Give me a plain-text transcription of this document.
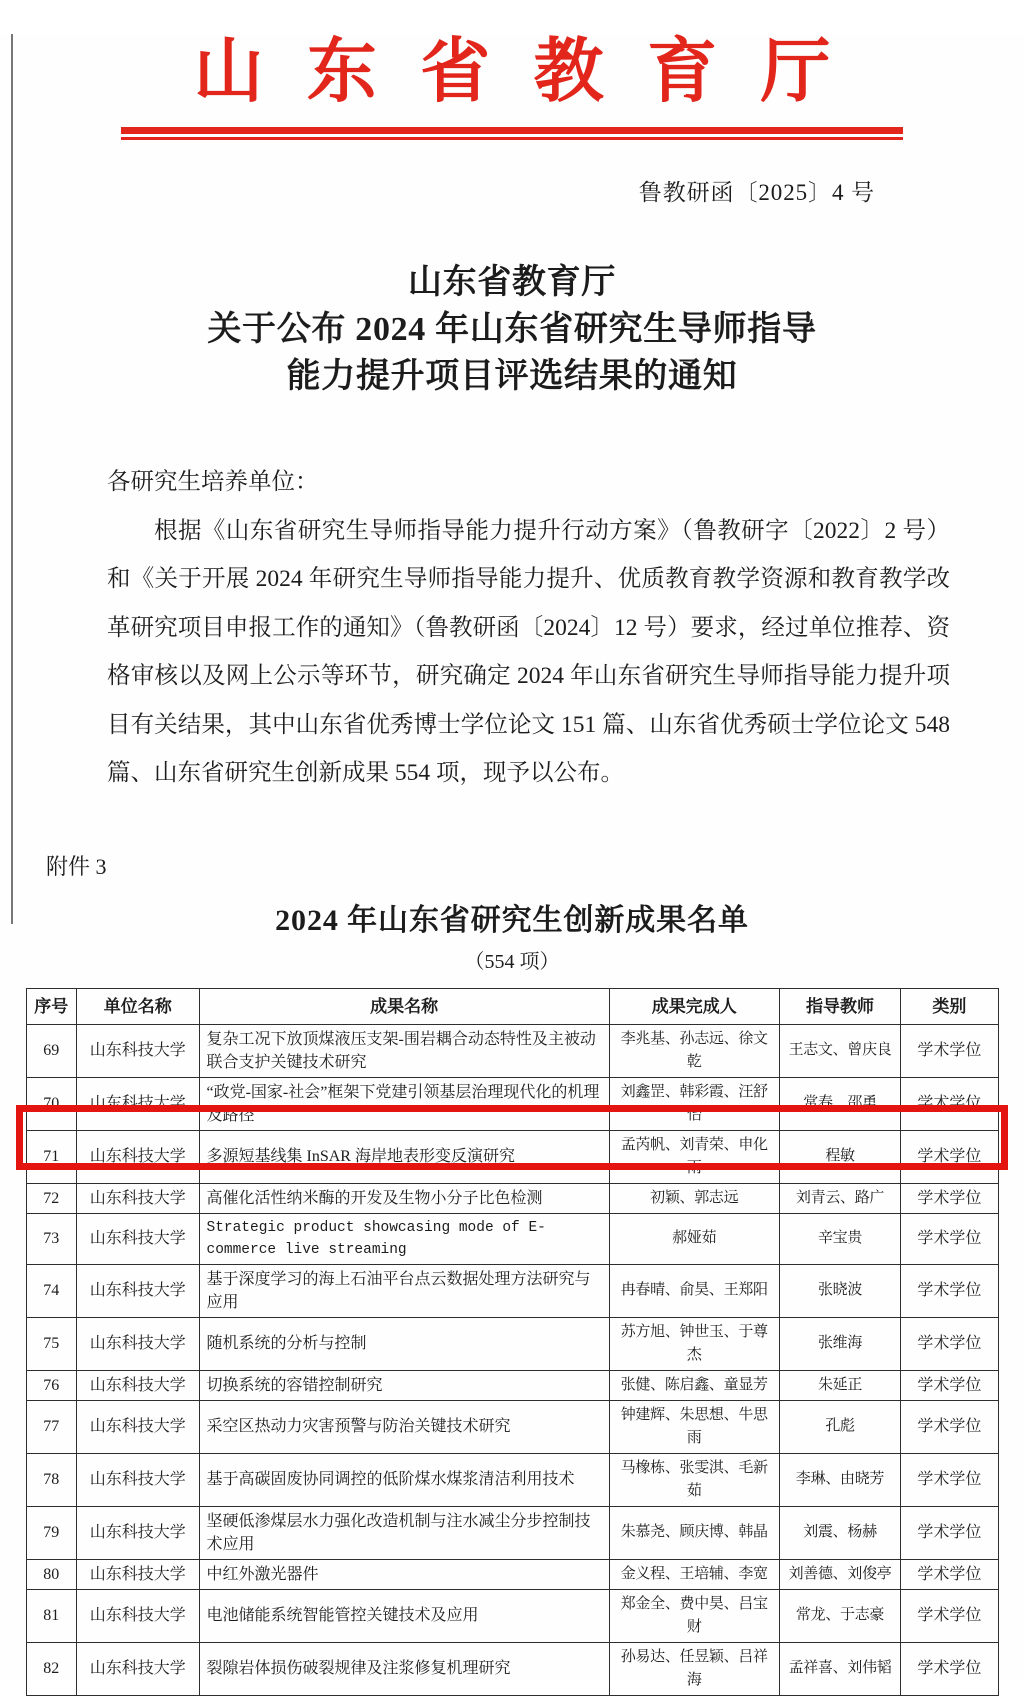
山东省教育厅
鲁教研函〔2025〕4 号
山东省教育厅
关于公布 2024 年山东省研究生导师指导
能力提升项目评选结果的通知

各研究生培养单位：

根据《山东省研究生导师指导能力提升行动方案》（鲁教研字〔2022〕2 号）和《关于开展 2024 年研究生导师指导能力提升、优质教育教学资源和教育教学改革研究项目申报工作的通知》（鲁教研函〔2024〕12 号）要求，经过单位推荐、资格审核以及网上公示等环节，研究确定 2024 年山东省研究生导师指导能力提升项目有关结果，其中山东省优秀博士学位论文 151 篇、山东省优秀硕士学位论文 548 篇、山东省研究生创新成果 554 项，现予以公布。

附件 3
2024 年山东省研究生创新成果名单
（554 项）
序号	单位名称	成果名称	成果完成人	指导教师	类别
69	山东科技大学	复杂工况下放顶煤液压支架-围岩耦合动态特性及主被动联合支护关键技术研究	李兆基、孙志远、徐文乾	王志文、曾庆良	学术学位
70	山东科技大学	“政党-国家-社会”框架下党建引领基层治理现代化的机理及路径	刘鑫罡、韩彩霞、汪舒怡	常春、邵勇	学术学位
71	山东科技大学	多源短基线集 InSAR 海岸地表形变反演研究	孟芮帆、刘青荣、申化雨	程敏	学术学位
72	山东科技大学	高催化活性纳米酶的开发及生物小分子比色检测	初颖、郭志远	刘青云、路广	学术学位
73	山东科技大学	Strategic product showcasing mode of E-commerce live streaming	郝娅茹	辛宝贵	学术学位
74	山东科技大学	基于深度学习的海上石油平台点云数据处理方法研究与应用	冉春晴、俞昊、王郑阳	张晓波	学术学位
75	山东科技大学	随机系统的分析与控制	苏方旭、钟世玉、于尊杰	张维海	学术学位
76	山东科技大学	切换系统的容错控制研究	张健、陈启鑫、童显芳	朱延正	学术学位
77	山东科技大学	采空区热动力灾害预警与防治关键技术研究	钟建辉、朱思想、牛思雨	孔彪	学术学位
78	山东科技大学	基于高碳固废协同调控的低阶煤水煤浆清洁利用技术	马橡栋、张雯淇、毛新茹	李琳、由晓芳	学术学位
79	山东科技大学	坚硬低渗煤层水力强化改造机制与注水减尘分步控制技术应用	朱慕尧、顾庆博、韩晶	刘震、杨赫	学术学位
80	山东科技大学	中红外激光器件	金义程、王培辅、李宽	刘善德、刘俊亭	学术学位
81	山东科技大学	电池储能系统智能管控关键技术及应用	郑金全、费中昊、吕宝财	常龙、于志豪	学术学位
82	山东科技大学	裂隙岩体损伤破裂规律及注浆修复机理研究	孙易达、任昱颖、吕祥海	孟祥喜、刘伟韬	学术学位
